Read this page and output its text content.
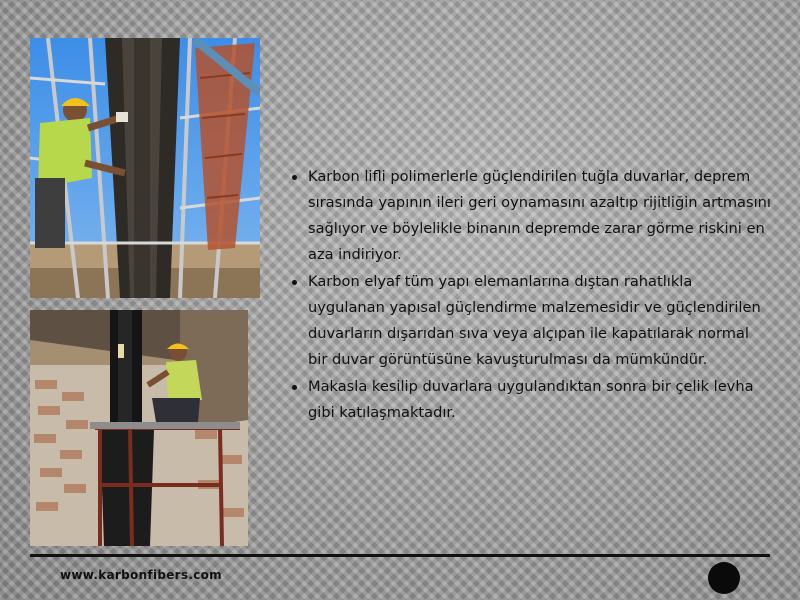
Karbon lifli polimerlerle güçlendirilen tuğla duvarlar, deprem sırasında yapının ileri geri oynamasını azaltıp rijitliğin artmasını sağlıyor ve böylelikle binanın depremde zarar görme riskini en aza indiriyor.
Karbon elyaf tüm yapı elemanlarına dıştan rahatlıkla uygulanan yapısal güçlendirme malzemesidir ve güçlendirilen duvarların dışarıdan sıva veya alçıpan ile kapatılarak normal bir duvar görüntüsüne kavuşturulması da mümkündür.
Makasla kesilip duvarlara uygulandıktan sonra bir çelik levha gibi katılaşmaktadır.
www.karbonfibers.com
